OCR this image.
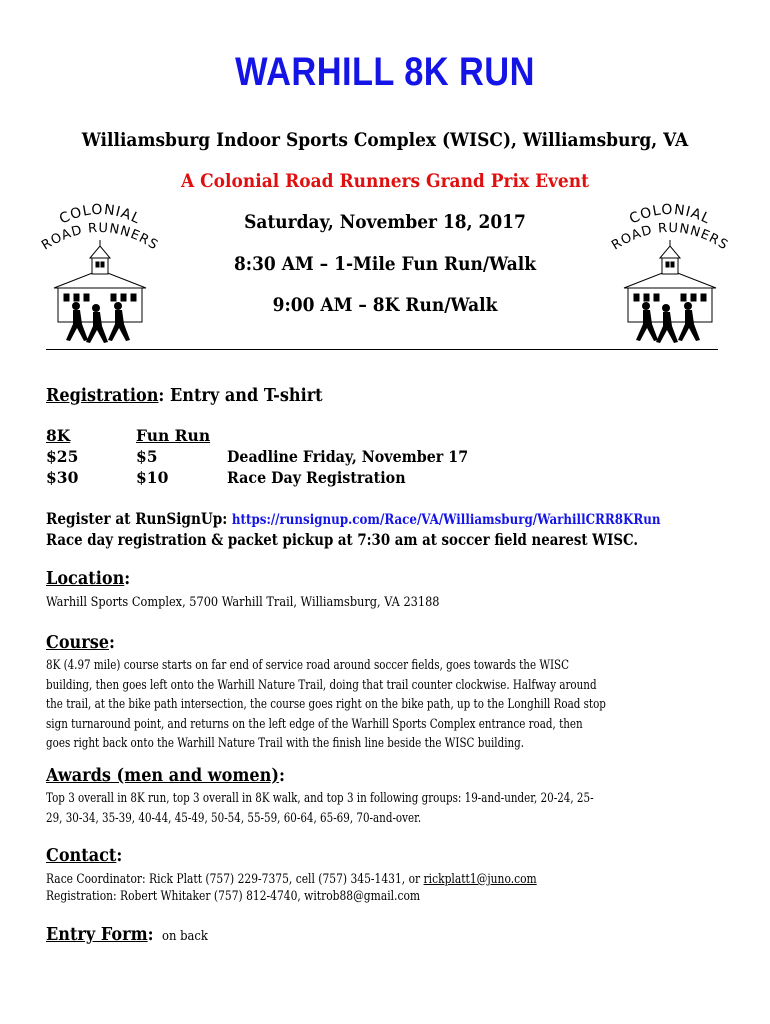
WARHILL 8K RUN
Williamsburg Indoor Sports Complex (WISC), Williamsburg, VA
A Colonial Road Runners Grand Prix Event
Saturday, November 18, 2017
8:30 AM – 1-Mile Fun Run/Walk
9:00 AM – 8K Run/Walk
COLONIAL
ROAD RUNNERS
COLONIAL
ROAD RUNNERS
Registration: Entry and T-shirt
8K	Fun Run
$25	$5	Deadline Friday, November 17
$30	$10	Race Day Registration
Register at RunSignUp: https://runsignup.com/Race/VA/Williamsburg/WarhillCRR8KRun
Race day registration & packet pickup at 7:30 am at soccer field nearest WISC.
Location:
Warhill Sports Complex, 5700 Warhill Trail, Williamsburg, VA 23188
Course:
8K (4.97 mile) course starts on far end of service road around soccer fields, goes towards the WISC
building, then goes left onto the Warhill Nature Trail, doing that trail counter clockwise. Halfway around
the trail, at the bike path intersection, the course goes right on the bike path, up to the Longhill Road stop
sign turnaround point, and returns on the left edge of the Warhill Sports Complex entrance road, then
goes right back onto the Warhill Nature Trail with the finish line beside the WISC building.
Awards (men and women):
Top 3 overall in 8K run, top 3 overall in 8K walk, and top 3 in following groups: 19-and-under, 20-24, 25-
29, 30-34, 35-39, 40-44, 45-49, 50-54, 55-59, 60-64, 65-69, 70-and-over.
Contact:
Race Coordinator: Rick Platt (757) 229-7375, cell (757) 345-1431, or rickplatt1@juno.com
Registration: Robert Whitaker (757) 812-4740, witrob88@gmail.com
Entry Form: on back
